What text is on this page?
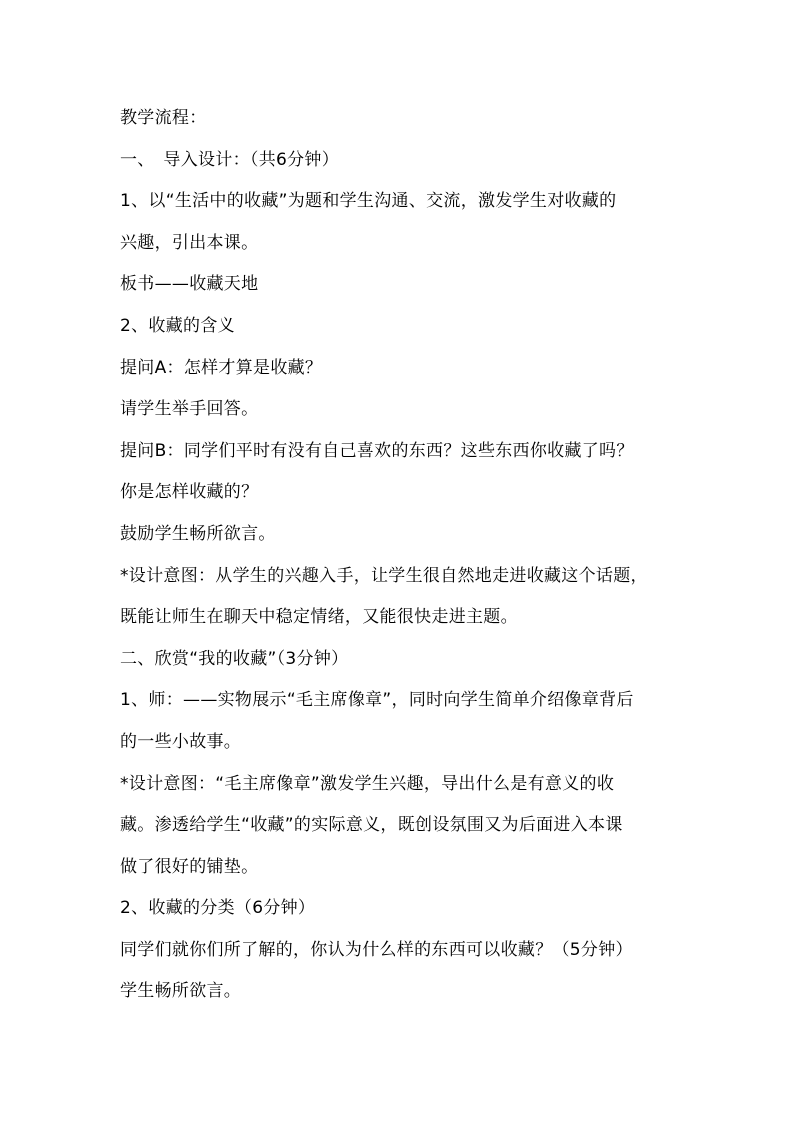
教学流程：
一、　导入设计：（共6分钟）
1、以“生活中的收藏”为题和学生沟通、交流，激发学生对收藏的
兴趣，引出本课。
板书——收藏天地
2、收藏的含义
提问A：怎样才算是收藏？
请学生举手回答。
提问B：同学们平时有没有自己喜欢的东西？这些东西你收藏了吗？
你是怎样收藏的？
鼓励学生畅所欲言。
*设计意图：从学生的兴趣入手，让学生很自然地走进收藏这个话题，
既能让师生在聊天中稳定情绪，又能很快走进主题。
二、欣赏“我的收藏”（3分钟）
1、师：——实物展示“毛主席像章”，同时向学生简单介绍像章背后
的一些小故事。
*设计意图：“毛主席像章”激发学生兴趣，导出什么是有意义的收
藏。渗透给学生“收藏”的实际意义，既创设氛围又为后面进入本课
做了很好的铺垫。
2、收藏的分类（6分钟）
同学们就你们所了解的，你认为什么样的东西可以收藏？（5分钟）
学生畅所欲言。
